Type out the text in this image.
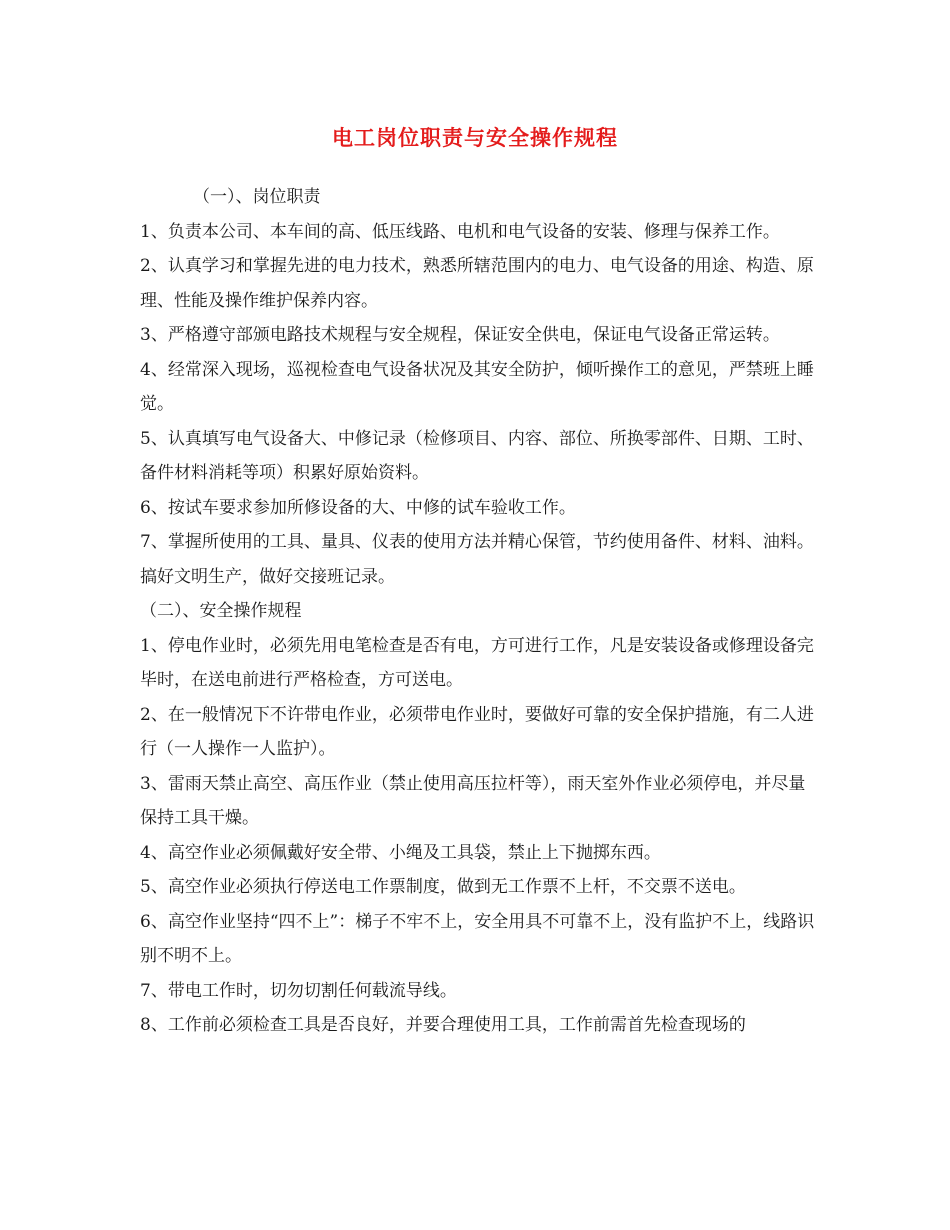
电工岗位职责与安全操作规程
（一）、岗位职责
1、负责本公司、本车间的高、低压线路、电机和电气设备的安装、修理与保养工作。
2、认真学习和掌握先进的电力技术，熟悉所辖范围内的电力、电气设备的用途、构造、原理、性能及操作维护保养内容。
3、严格遵守部颁电路技术规程与安全规程，保证安全供电，保证电气设备正常运转。
4、经常深入现场，巡视检查电气设备状况及其安全防护，倾听操作工的意见，严禁班上睡觉。
5、认真填写电气设备大、中修记录（检修项目、内容、部位、所换零部件、日期、工时、备件材料消耗等项）积累好原始资料。
6、按试车要求参加所修设备的大、中修的试车验收工作。
7、掌握所使用的工具、量具、仪表的使用方法并精心保管，节约使用备件、材料、油料。搞好文明生产，做好交接班记录。
（二）、安全操作规程
1、停电作业时，必须先用电笔检查是否有电，方可进行工作，凡是安装设备或修理设备完毕时，在送电前进行严格检查，方可送电。
2、在一般情况下不许带电作业，必须带电作业时，要做好可靠的安全保护措施，有二人进行（一人操作一人监护）。
3、雷雨天禁止高空、高压作业（禁止使用高压拉杆等），雨天室外作业必须停电，并尽量保持工具干燥。
4、高空作业必须佩戴好安全带、小绳及工具袋，禁止上下抛掷东西。
5、高空作业必须执行停送电工作票制度，做到无工作票不上杆，不交票不送电。
6、高空作业坚持“四不上”：梯子不牢不上，安全用具不可靠不上，没有监护不上，线路识别不明不上。
7、带电工作时，切勿切割任何载流导线。
8、工作前必须检查工具是否良好，并要合理使用工具，工作前需首先检查现场的
